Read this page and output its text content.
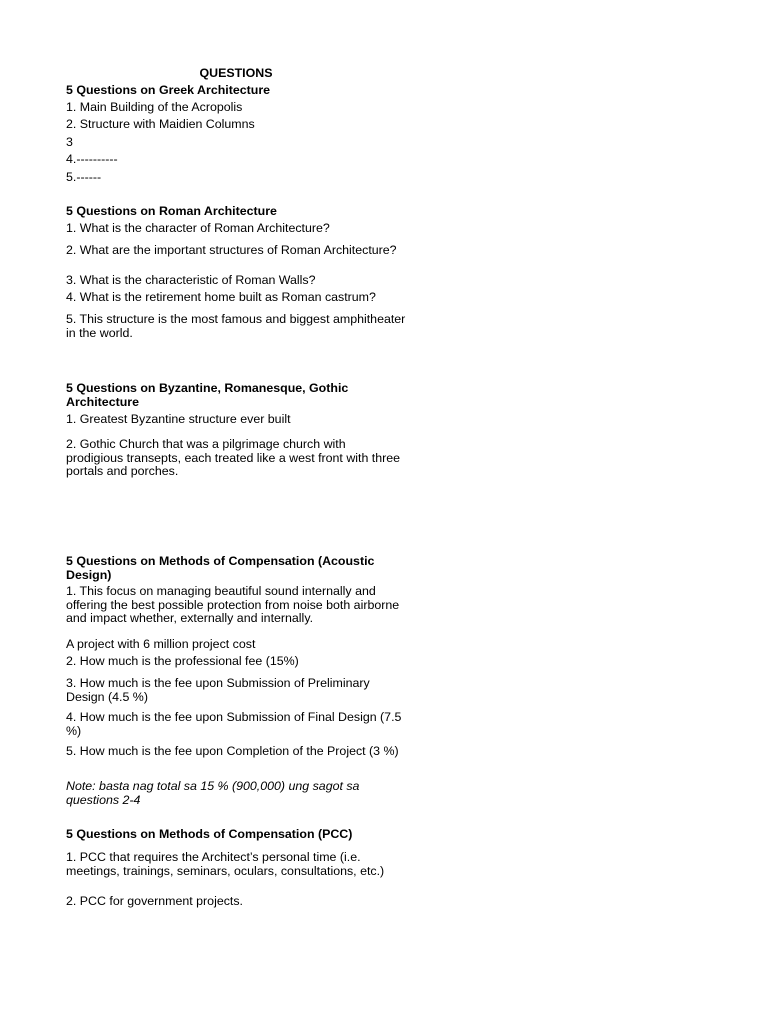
QUESTIONS
5 Questions on Greek Architecture
1. Main Building of the Acropolis
2. Structure with Maidien Columns
3
4.----------
5.------
5 Questions on Roman Architecture
1. What is the character of Roman Architecture?
2. What are the important structures of Roman Architecture?
3. What is the characteristic of Roman Walls?
4. What is the retirement home built as Roman castrum?
5. This structure is the most famous and biggest amphitheater in the world.
5 Questions on Byzantine, Romanesque, Gothic Architecture
1. Greatest Byzantine structure ever built
2. Gothic Church that was a pilgrimage church with prodigious transepts, each treated like a west front with three portals and porches.
5 Questions on Methods of Compensation (Acoustic Design)
1. This focus on managing beautiful sound internally and offering the best possible protection from noise both airborne and impact whether, externally and internally.
A project with 6 million project cost
2. How much is the professional fee (15%)
3. How much is the fee upon Submission of Preliminary Design (4.5 %)
4. How much is the fee upon Submission of Final Design (7.5 %)
5. How much is the fee upon Completion of the Project (3 %)
Note: basta nag total sa 15 % (900,000) ung sagot sa questions 2-4
5 Questions on Methods of Compensation (PCC)
1. PCC that requires the Architect’s personal time (i.e. meetings, trainings, seminars, oculars, consultations, etc.)
2. PCC for government projects.
